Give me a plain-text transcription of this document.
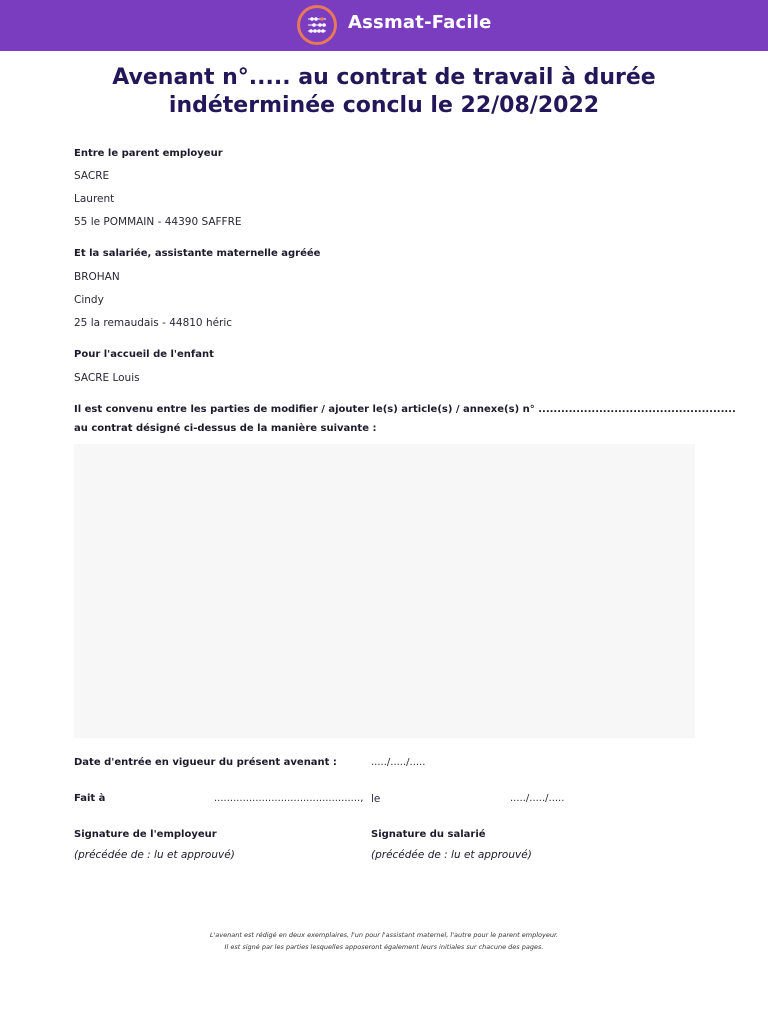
Assmat-Facile
Avenant n°..... au contrat de travail à durée
indéterminée conclu le 22/08/2022
Entre le parent employeur
SACRE
Laurent
55 le POMMAIN - 44390 SAFFRE
Et la salariée, assistante maternelle agréée
BROHAN
Cindy
25 la remaudais - 44810 héric
Pour l'accueil de l'enfant
SACRE Louis
Il est convenu entre les parties de modifier / ajouter le(s) article(s) / annexe(s) n° ....................................................
au contrat désigné ci-dessus de la manière suivante :
Date d'entrée en vigueur du présent avenant :	...../...../.....
Fait à	.............................................., le	...../...../.....
Signature de l'employeur
(précédée de : lu et approuvé)
Signature du salarié
(précédée de : lu et approuvé)
L'avenant est rédigé en deux exemplaires, l'un pour l'assistant maternel, l'autre pour le parent employeur.
Il est signé par les parties lesquelles apposeront également leurs initiales sur chacune des pages.
